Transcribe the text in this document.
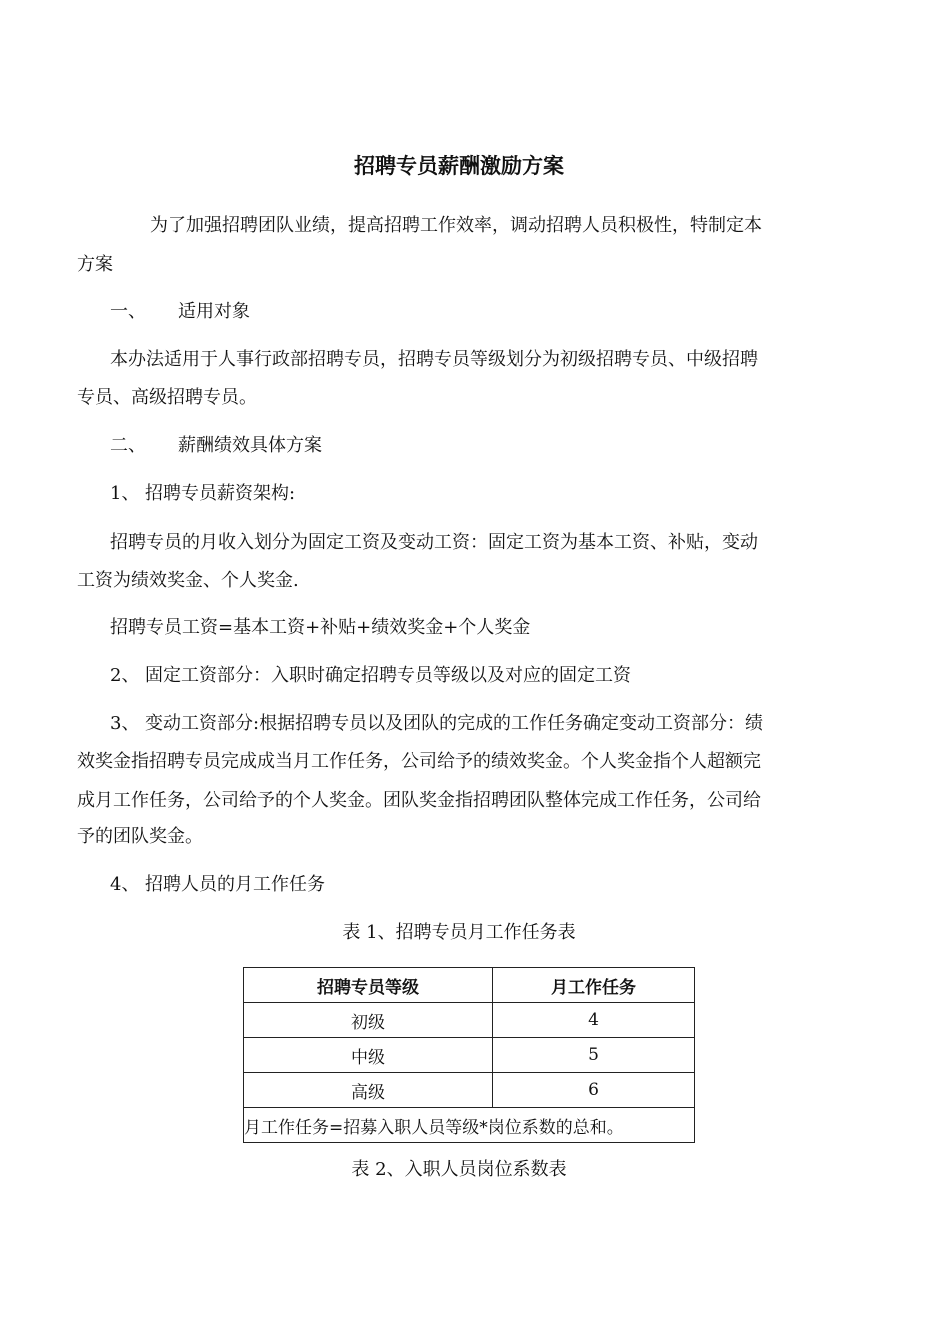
招聘专员薪酬激励方案
为了加强招聘团队业绩，提高招聘工作效率，调动招聘人员积极性，特制定本
方案
一、 适用对象
本办法适用于人事行政部招聘专员，招聘专员等级划分为初级招聘专员、中级招聘
专员、高级招聘专员。
二、 薪酬绩效具体方案
1、 招聘专员薪资架构:
招聘专员的月收入划分为固定工资及变动工资：固定工资为基本工资、补贴，变动
工资为绩效奖金、个人奖金.
招聘专员工资=基本工资+补贴+绩效奖金+个人奖金
2、 固定工资部分：入职时确定招聘专员等级以及对应的固定工资
3、 变动工资部分:根据招聘专员以及团队的完成的工作任务确定变动工资部分：绩
效奖金指招聘专员完成成当月工作任务，公司给予的绩效奖金。个人奖金指个人超额完
成月工作任务，公司给予的个人奖金。团队奖金指招聘团队整体完成工作任务，公司给
予的团队奖金。
4、 招聘人员的月工作任务
表 1、招聘专员月工作任务表
招聘专员等级	月工作任务
初级	4
中级	5
高级	6
月工作任务=招募入职人员等级*岗位系数的总和。	
表 2、入职人员岗位系数表
